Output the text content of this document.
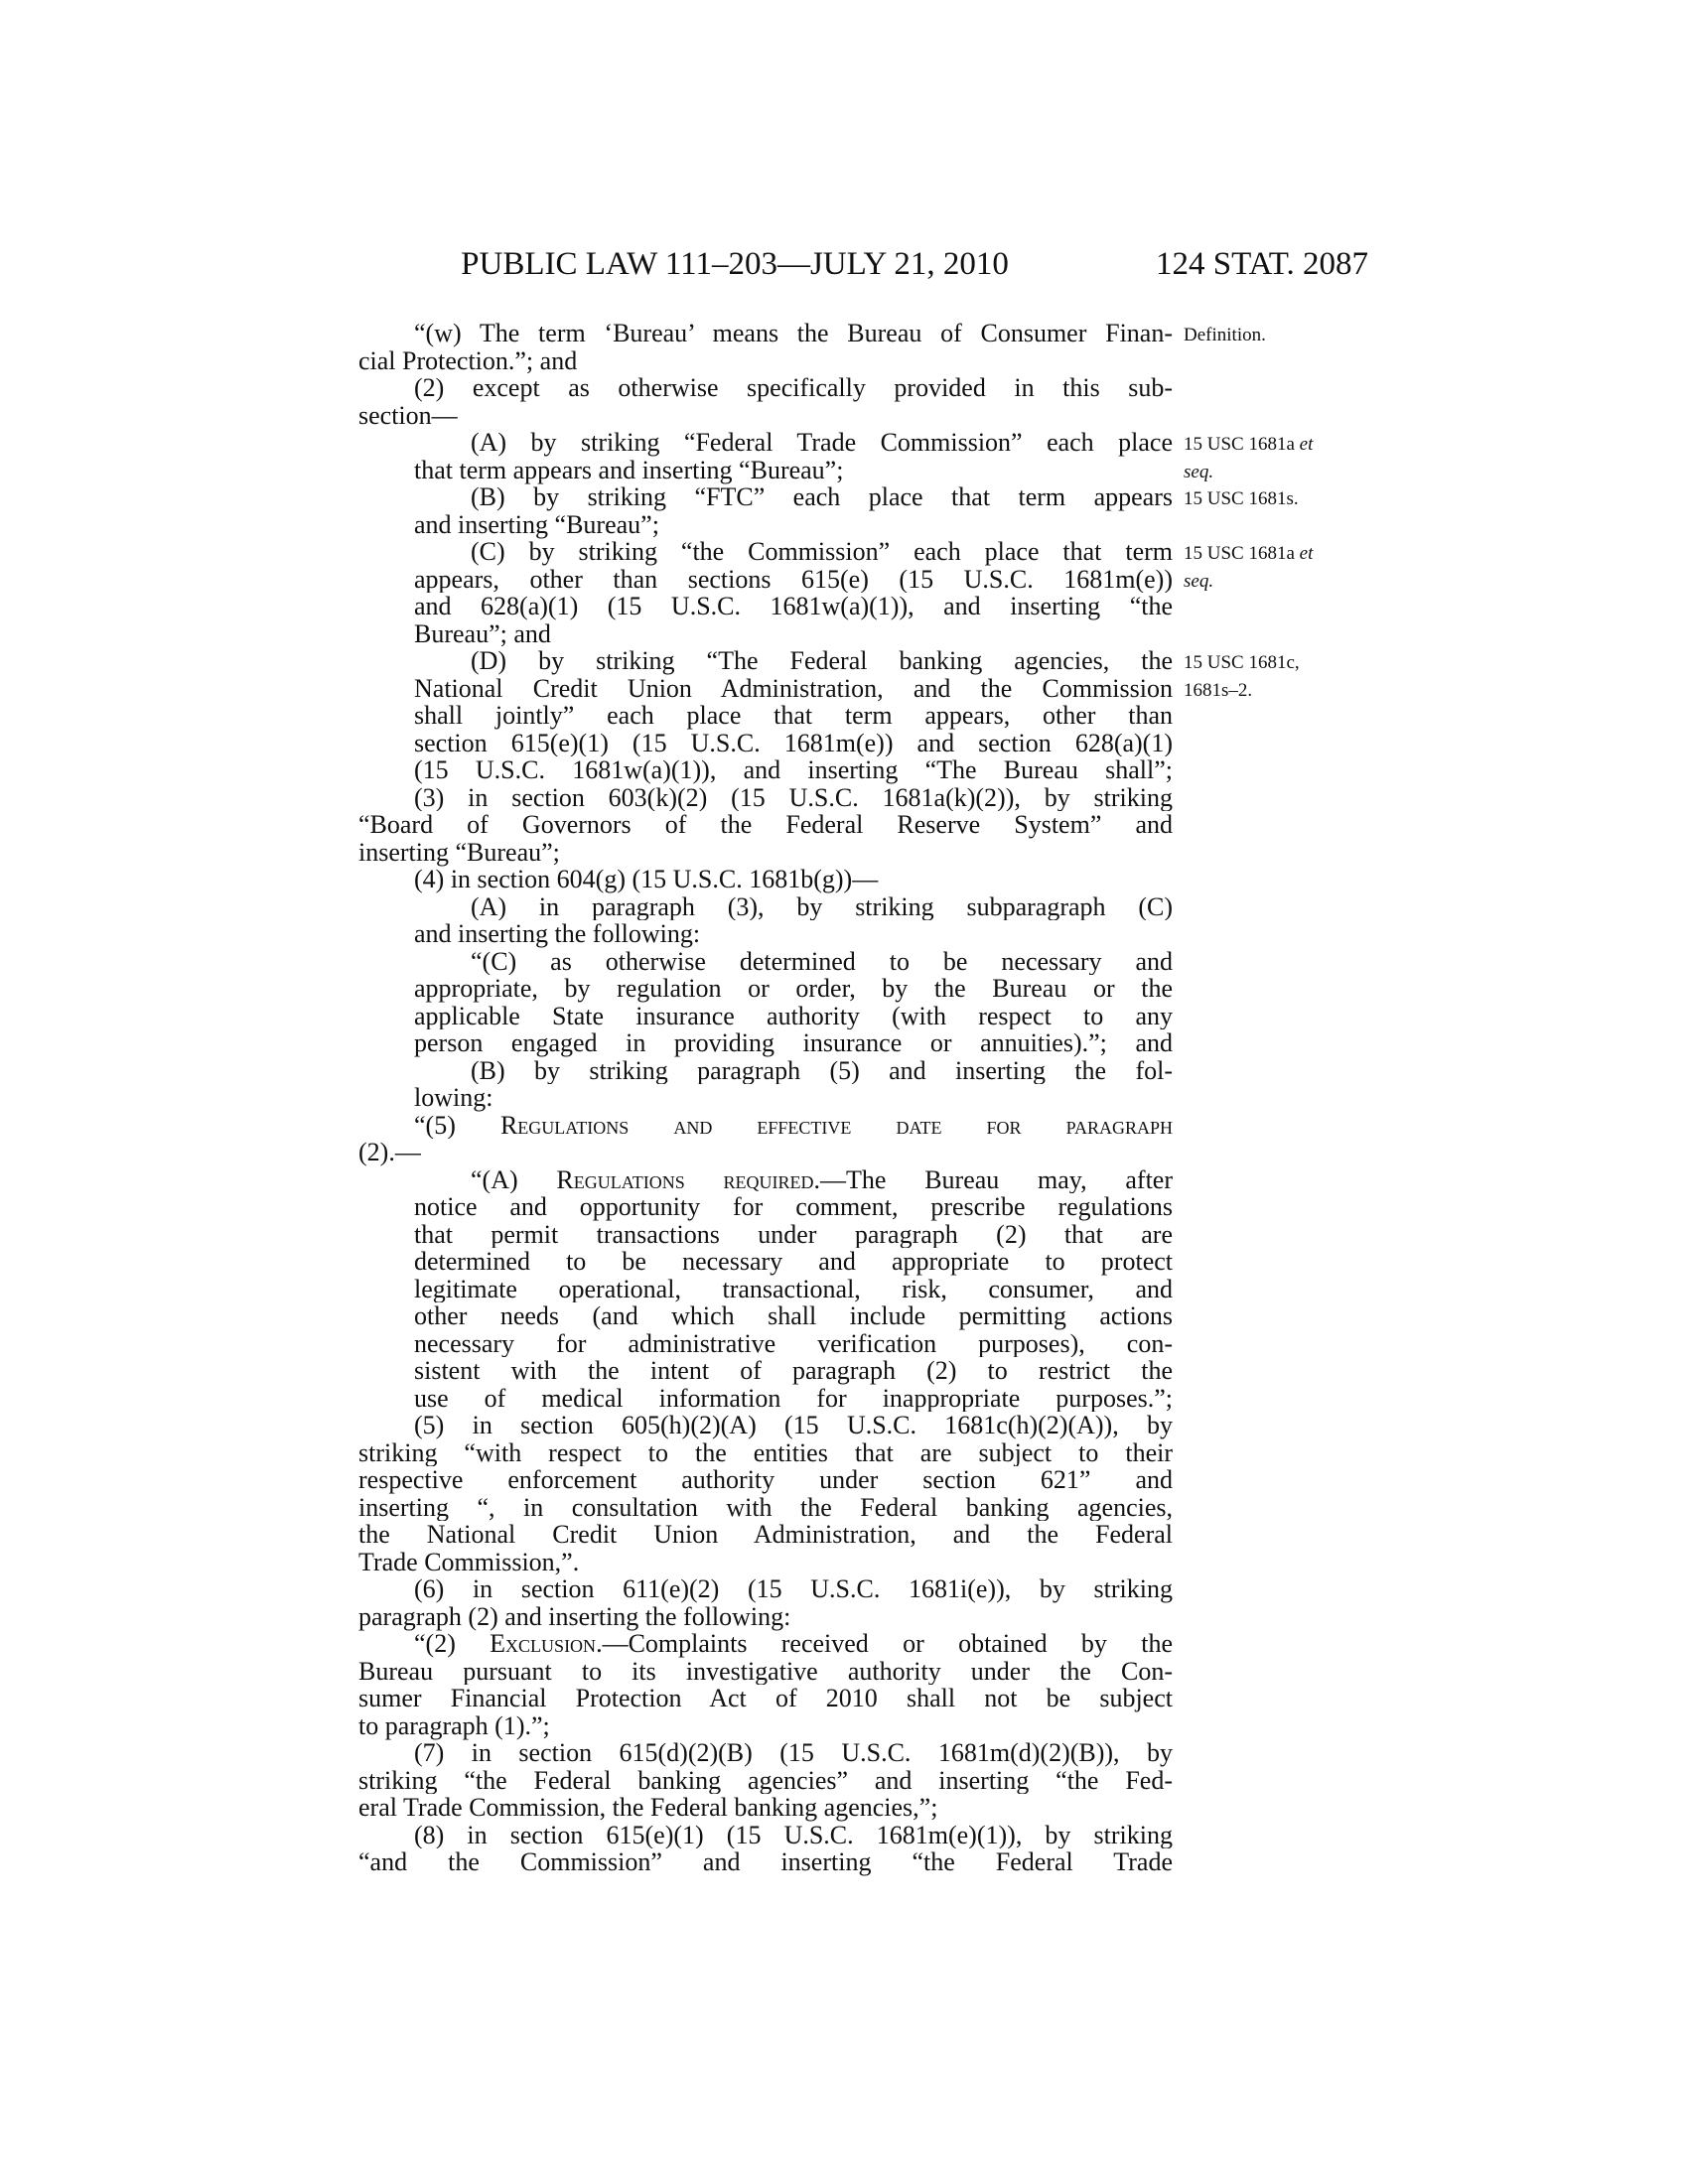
PUBLIC LAW 111–203—JULY 21, 2010	124 STAT. 2087
“(w) The term ‘Bureau’ means the Bureau of Consumer Finan- Definition.
cial Protection.”; and
(2) except as otherwise specifically provided in this sub-
section—
(A) by striking “Federal Trade Commission” each place 15 USC 1681a et
that term appears and inserting “Bureau”;	seq.
(B) by striking “FTC” each place that term appears 15 USC 1681s.
and inserting “Bureau”;
(C) by striking “the Commission” each place that term 15 USC 1681a et
appears, other than sections 615(e) (15 U.S.C. 1681m(e)) seq.
and 628(a)(1) (15 U.S.C. 1681w(a)(1)), and inserting “the
Bureau”; and
(D) by striking “The Federal banking agencies, the 15 USC 1681c,
National Credit Union Administration, and the Commission 1681s–2.
shall jointly” each place that term appears, other than
section 615(e)(1) (15 U.S.C. 1681m(e)) and section 628(a)(1)
(15 U.S.C. 1681w(a)(1)), and inserting “The Bureau shall”;
(3) in section 603(k)(2) (15 U.S.C. 1681a(k)(2)), by striking
“Board of Governors of the Federal Reserve System” and
inserting “Bureau”;
(4) in section 604(g) (15 U.S.C. 1681b(g))—
(A) in paragraph (3), by striking subparagraph (C)
and inserting the following:
“(C) as otherwise determined to be necessary and
appropriate, by regulation or order, by the Bureau or the
applicable State insurance authority (with respect to any
person engaged in providing insurance or annuities).”; and
(B) by striking paragraph (5) and inserting the fol-
lowing:
“(5) Regulations and effective date for paragraph
(2).—
“(A) Regulations required.—The Bureau may, after
notice and opportunity for comment, prescribe regulations
that permit transactions under paragraph (2) that are
determined to be necessary and appropriate to protect
legitimate operational, transactional, risk, consumer, and
other needs (and which shall include permitting actions
necessary for administrative verification purposes), con-
sistent with the intent of paragraph (2) to restrict the
use of medical information for inappropriate purposes.”;
(5) in section 605(h)(2)(A) (15 U.S.C. 1681c(h)(2)(A)), by
striking “with respect to the entities that are subject to their
respective enforcement authority under section 621” and
inserting “, in consultation with the Federal banking agencies,
the National Credit Union Administration, and the Federal
Trade Commission,”.
(6) in section 611(e)(2) (15 U.S.C. 1681i(e)), by striking
paragraph (2) and inserting the following:
“(2) Exclusion.—Complaints received or obtained by the
Bureau pursuant to its investigative authority under the Con-
sumer Financial Protection Act of 2010 shall not be subject
to paragraph (1).”;
(7) in section 615(d)(2)(B) (15 U.S.C. 1681m(d)(2)(B)), by
striking “the Federal banking agencies” and inserting “the Fed-
eral Trade Commission, the Federal banking agencies,”;
(8) in section 615(e)(1) (15 U.S.C. 1681m(e)(1)), by striking
“and the Commission” and inserting “the Federal Trade
